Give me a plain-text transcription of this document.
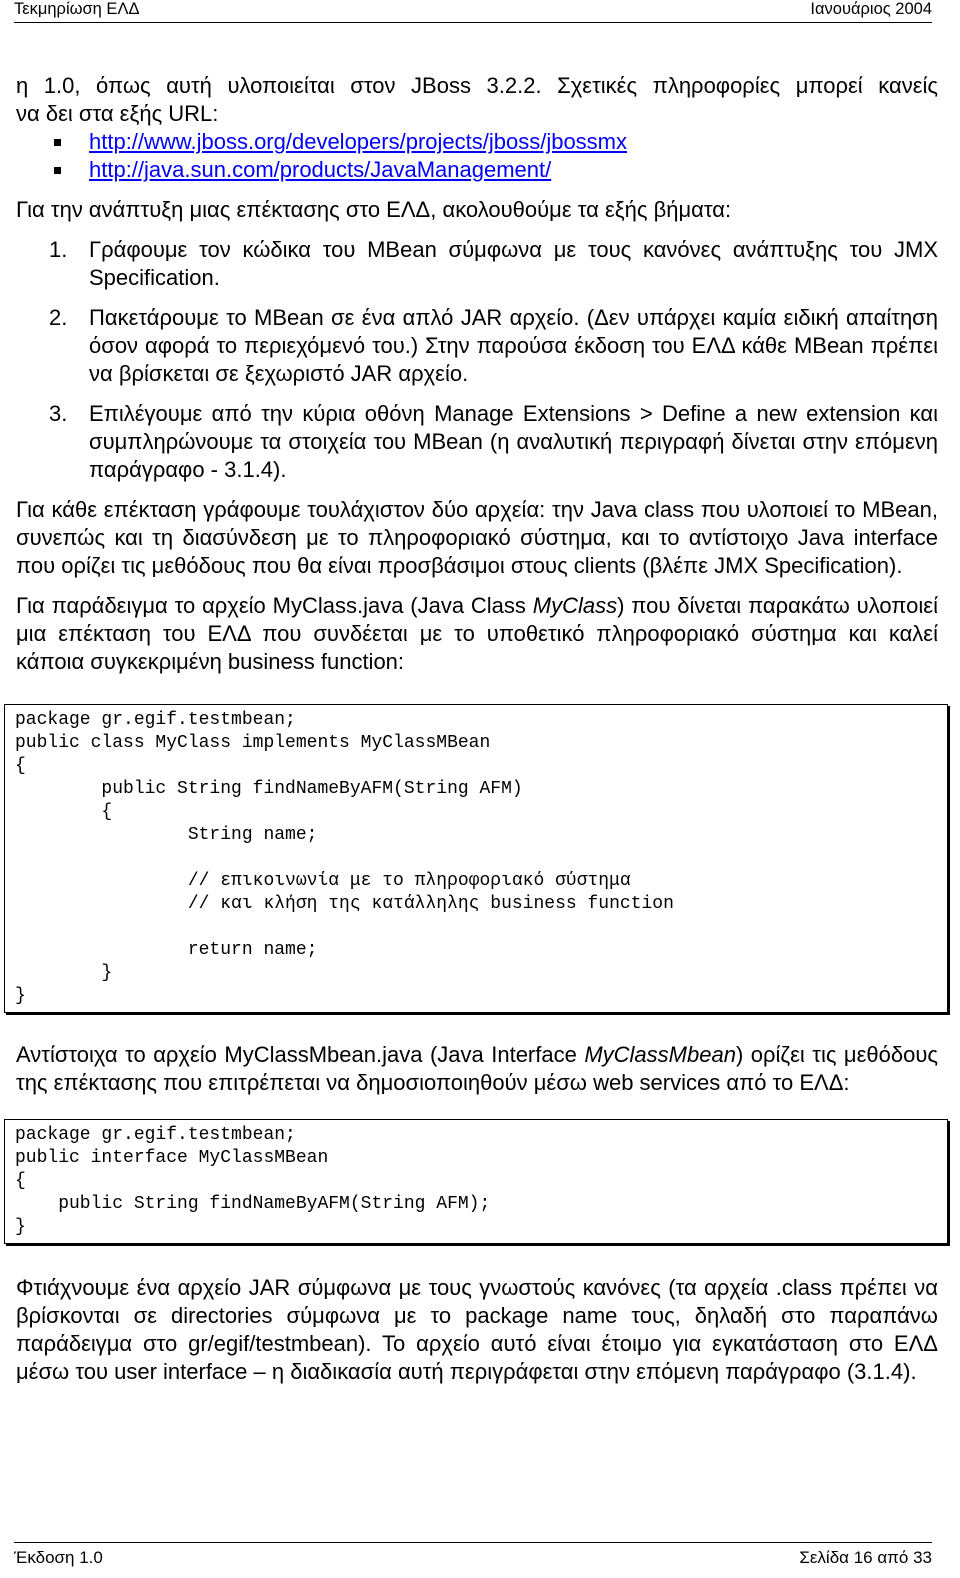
Τεκμηρίωση ΕΛΔ	Ιανουάριος 2004

η 1.0, όπως αυτή υλοποιείται στον JBoss 3.2.2. Σχετικές πληροφορίες μπορεί κανείς

να δει στα εξής URL:

http://www.jboss.org/developers/projects/jboss/jbossmx
http://java.sun.com/products/JavaManagement/

Για την ανάπτυξη μιας επέκτασης στο ΕΛΔ, ακολουθούμε τα εξής βήματα:

1. Γράφουμε τον κώδικα του MBean σύμφωνα με τους κανόνες ανάπτυξης του JMX Specification.
2. Πακετάρουμε το MBean σε ένα απλό JAR αρχείο. (Δεν υπάρχει καμία ειδική απαίτηση όσον αφορά το περιεχόμενό του.) Στην παρούσα έκδοση του ΕΛΔ κάθε MBean πρέπει να βρίσκεται σε ξεχωριστό JAR αρχείο.
3. Επιλέγουμε από την κύρια οθόνη Manage Extensions > Define a new extension και συμπληρώνουμε τα στοιχεία του MBean (η αναλυτική περιγραφή δίνεται στην επόμενη παράγραφο - 3.1.4).

Για κάθε επέκταση γράφουμε τουλάχιστον δύο αρχεία: την Java class που υλοποιεί το MBean, συνεπώς και τη διασύνδεση με το πληροφοριακό σύστημα, και το αντίστοιχο Java interface που ορίζει τις μεθόδους που θα είναι προσβάσιμοι στους clients (βλέπε JMX Specification).

Για παράδειγμα το αρχείο MyClass.java (Java Class MyClass) που δίνεται παρακάτω υλοποιεί μια επέκταση του ΕΛΔ που συνδέεται με το υποθετικό πληροφοριακό σύστημα και καλεί κάποια συγκεκριμένη business function:

package gr.egif.testmbean;
public class MyClass implements MyClassMBean
{
public String findNameByAFM(String AFM)
{
String name;
// επικοινωνία με το πληροφοριακό σύστημα
// και κλήση της κατάλληλης business function
return name;
}
}

Αντίστοιχα το αρχείο MyClassMbean.java (Java Interface MyClassMbean) ορίζει τις μεθόδους της επέκτασης που επιτρέπεται να δημοσιοποιηθούν μέσω web services από το ΕΛΔ:

package gr.egif.testmbean;
public interface MyClassMBean
{
public String findNameByAFM(String AFM);
}

Φτιάχνουμε ένα αρχείο JAR σύμφωνα με τους γνωστούς κανόνες (τα αρχεία .class πρέπει να βρίσκονται σε directories σύμφωνα με το package name τους, δηλαδή στο παραπάνω παράδειγμα στο gr/egif/testmbean). Το αρχείο αυτό είναι έτοιμο για εγκατάσταση στο ΕΛΔ μέσω του user interface – η διαδικασία αυτή περιγράφεται στην επόμενη παράγραφο (3.1.4).

Έκδοση 1.0	Σελίδα 16 από 33
